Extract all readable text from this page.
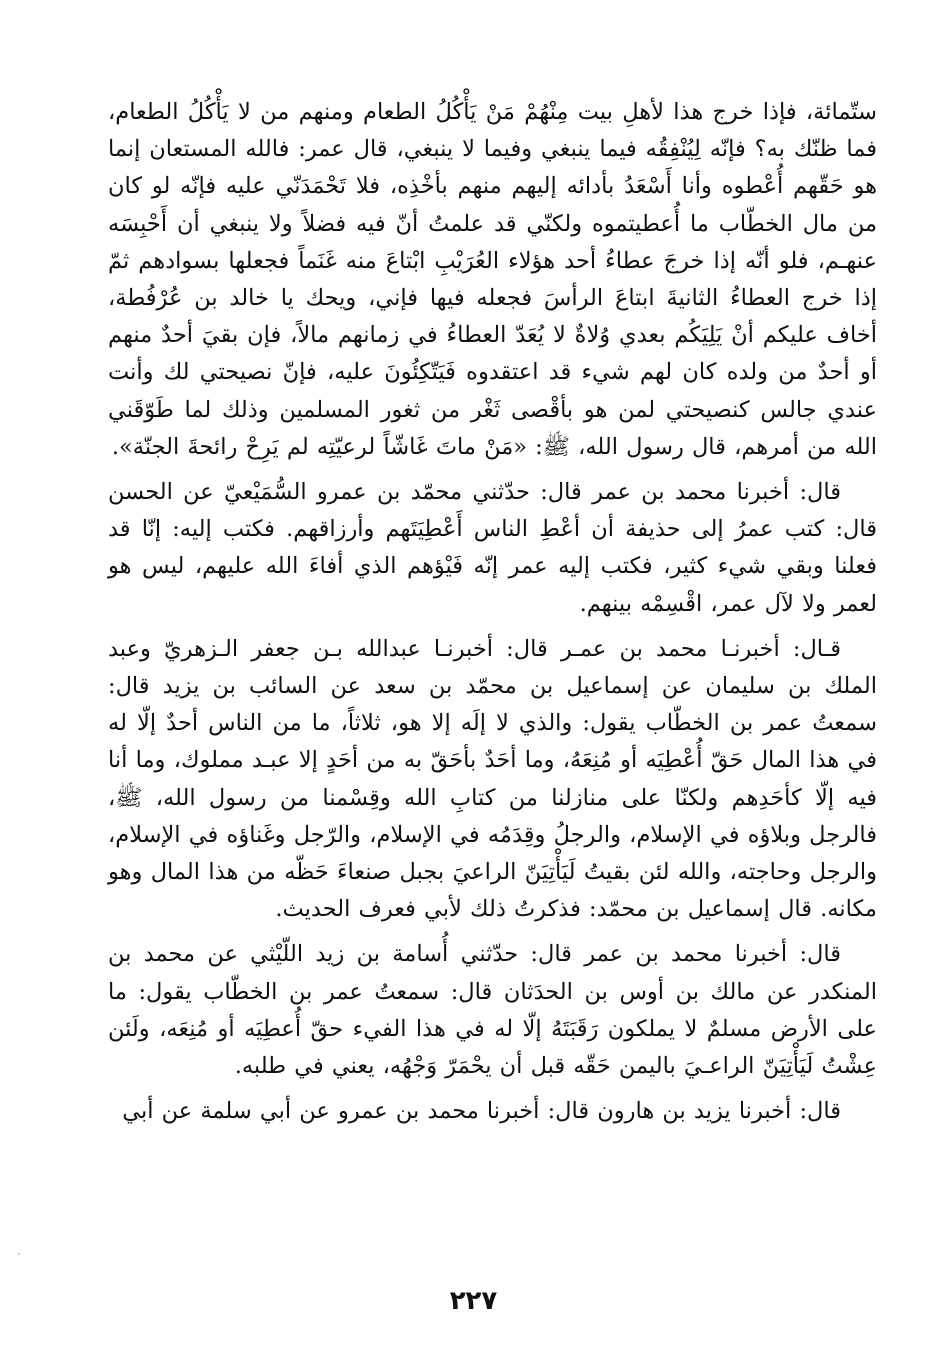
ستّمائة، فإذا خرج هذا لأهلِ بيت مِنْهُمْ مَنْ يَأْكُلُ الطعام ومنهم من لا يَأْكُلُ الطعام، فما ظنّك به؟ فإنّه لِيُنْفِقُه فيما ينبغي وفيما لا ينبغي، قال عمر: فالله المستعان إنما هو حَقّهم أُعْطوه وأنا أَسْعَدُ بأدائه إليهم منهم بأخْذِه، فلا تَحْمَدَنّي عليه فإنّه لو كان من مال الخطّاب ما أُعطيتموه ولكنّي قد علمتُ أنّ فيه فضلاً ولا ينبغي أن أَحْبِسَه عنهـم، فلو أنّه إذا خرجَ عطاءُ أحد هؤلاء العُرَيْبِ ابْتاعَ منه غَنَماً فجعلها بسوادهم ثمّ إذا خرج العطاءُ الثانيةَ ابتاعَ الرأسَ فجعله فيها فإني، ويحك يا خالد بن عُرْفُطة، أخاف عليكم أنْ يَلِيَكُم بعدي وُلاةٌ لا يُعَدّ العطاءُ في زمانهم مالاً، فإن بقيَ أحدٌ منهم أو أحدٌ من ولده كان لهم شيء قد اعتقدوه فَيَتّكِئُونَ عليه، فإنّ نصيحتي لك وأنت عندي جالس كنصيحتي لمن هو بأقْصى ثَغْر من ثغور المسلمين وذلك لما طَوّقَني الله من أمرهم، قال رسول الله، ﷺ: «مَنْ ماتَ غَاشّاً لرعيّتِه لم يَرِحْ رائحةَ الجنّة».

قال: أخبرنا محمد بن عمر قال: حدّثني محمّد بن عمرو السُّمَيْعيّ عن الحسن قال: كتب عمرُ إلى حذيفة أن أعْطِ الناس أَعْطِيَتَهم وأرزاقهم. فكتب إليه: إنّا قد فعلنا وبقي شيء كثير، فكتب إليه عمر إنّه فَيْؤهم الذي أفاءَ الله عليهم، ليس هو لعمر ولا لآل عمر، اقْسِمْه بينهم.

قـال: أخبرنـا محمد بن عمـر قال: أخبرنـا عبدالله بـن جعفر الـزهريّ وعبد الملك بن سليمان عن إسماعيل بن محمّد بن سعد عن السائب بن يزيد قال: سمعتُ عمر بن الخطّاب يقول: والذي لا إلَه إلا هو، ثلاثاً، ما من الناس أحدٌ إلّا له في هذا المال حَقّ أُعْطِيَه أو مُنِعَهُ، وما أحَدٌ بأحَقّ به من أحَدٍ إلا عبـد مملوك، وما أنا فيه إلّا كأحَدِهم ولكنّا على منازلنا من كتابِ الله وقِسْمنا من رسول الله، ﷺ، فالرجل وبلاؤه في الإسلام، والرجلُ وقِدَمُه في الإسلام، والرّجل وغَناؤه في الإسلام، والرجل وحاجته، والله لئن بقيتُ لَيَأْتِيَنّ الراعيَ بجبل صنعاءَ حَظّه من هذا المال وهو مكانه. قال إسماعيل بن محمّد: فذكرتُ ذلك لأبي فعرف الحديث.

قال: أخبرنا محمد بن عمر قال: حدّثني أُسامة بن زيد اللّيْثي عن محمد بن المنكدر عن مالك بن أوس بن الحدَثان قال: سمعتُ عمر بن الخطّاب يقول: ما على الأرض مسلمٌ لا يملكون رَقَبَتَهُ إلّا له في هذا الفيء حقّ أُعطِيَه أو مُنِعَه، ولَئن عِشْتُ لَيَأْتِيَنّ الراعـيَ باليمن حَقّه قبل أن يحْمَرّ وَجْهُه، يعني في طلبه.

قال: أخبرنا يزيد بن هارون قال: أخبرنا محمد بن عمرو عن أبي سلمة عن أبي

٢٢٧
